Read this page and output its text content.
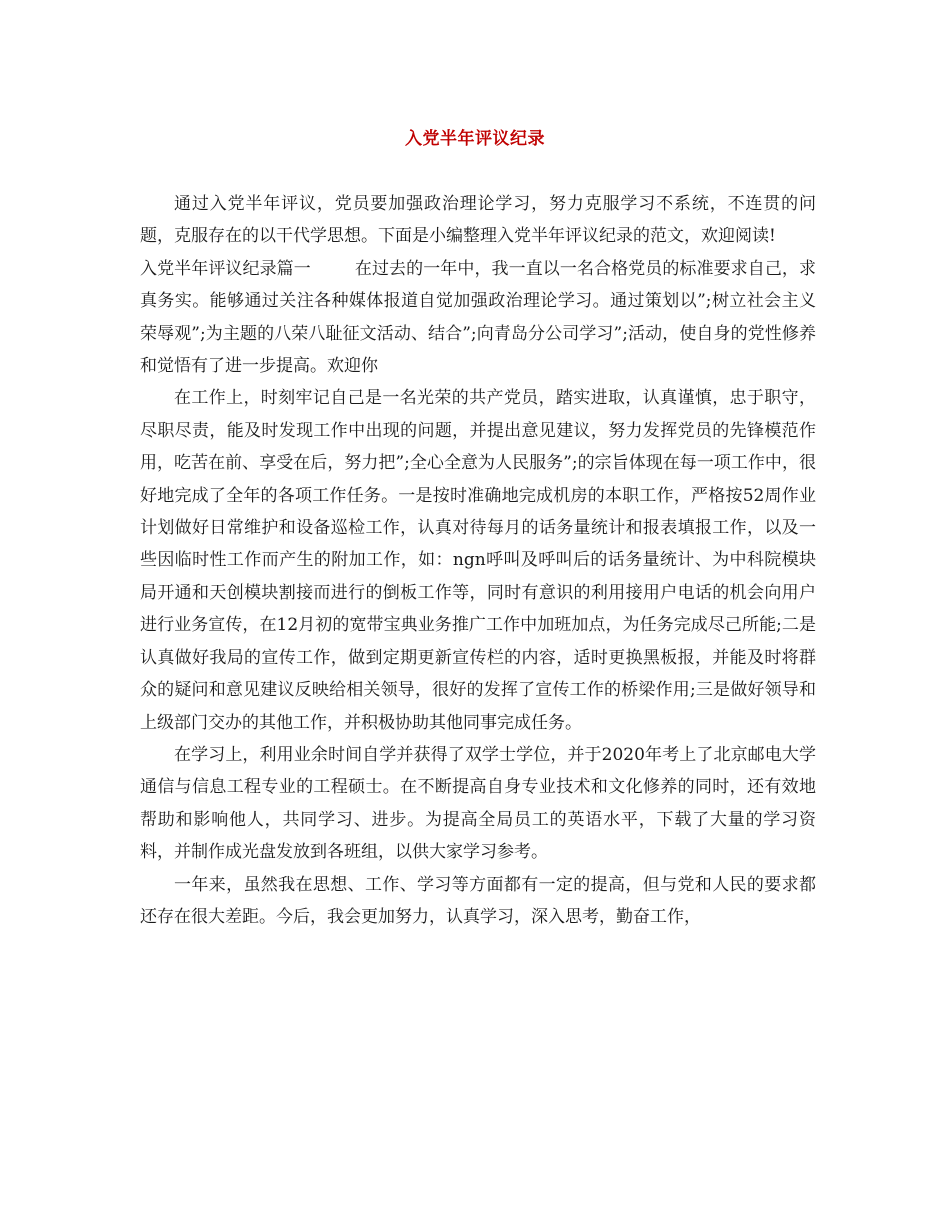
入党半年评议纪录

通过入党半年评议，党员要加强政治理论学习，努力克服学习不系统，不连贯的问题，克服存在的以干代学思想。下面是小编整理入党半年评议纪录的范文，欢迎阅读!

入党半年评议纪录篇一	在过去的一年中，我一直以一名合格党员的标准要求自己，求真务实。能够通过关注各种媒体报道自觉加强政治理论学习。通过策划以”;树立社会主义荣辱观”;为主题的八荣八耻征文活动、结合”;向青岛分公司学习”;活动，使自身的党性修养和觉悟有了进一步提高。欢迎你

在工作上，时刻牢记自己是一名光荣的共产党员，踏实进取，认真谨慎，忠于职守，尽职尽责，能及时发现工作中出现的问题，并提出意见建议，努力发挥党员的先锋模范作用，吃苦在前、享受在后，努力把”;全心全意为人民服务”;的宗旨体现在每一项工作中，很好地完成了全年的各项工作任务。一是按时准确地完成机房的本职工作，严格按52周作业计划做好日常维护和设备巡检工作，认真对待每月的话务量统计和报表填报工作，以及一些因临时性工作而产生的附加工作，如：ngn呼叫及呼叫后的话务量统计、为中科院模块局开通和天创模块割接而进行的倒板工作等，同时有意识的利用接用户电话的机会向用户进行业务宣传，在12月初的宽带宝典业务推广工作中加班加点，为任务完成尽己所能;二是认真做好我局的宣传工作，做到定期更新宣传栏的内容，适时更换黑板报，并能及时将群众的疑问和意见建议反映给相关领导，很好的发挥了宣传工作的桥梁作用;三是做好领导和上级部门交办的其他工作，并积极协助其他同事完成任务。

在学习上，利用业余时间自学并获得了双学士学位，并于2020年考上了北京邮电大学通信与信息工程专业的工程硕士。在不断提高自身专业技术和文化修养的同时，还有效地帮助和影响他人，共同学习、进步。为提高全局员工的英语水平，下载了大量的学习资料，并制作成光盘发放到各班组，以供大家学习参考。

一年来，虽然我在思想、工作、学习等方面都有一定的提高，但与党和人民的要求都还存在很大差距。今后，我会更加努力，认真学习，深入思考，勤奋工作，
